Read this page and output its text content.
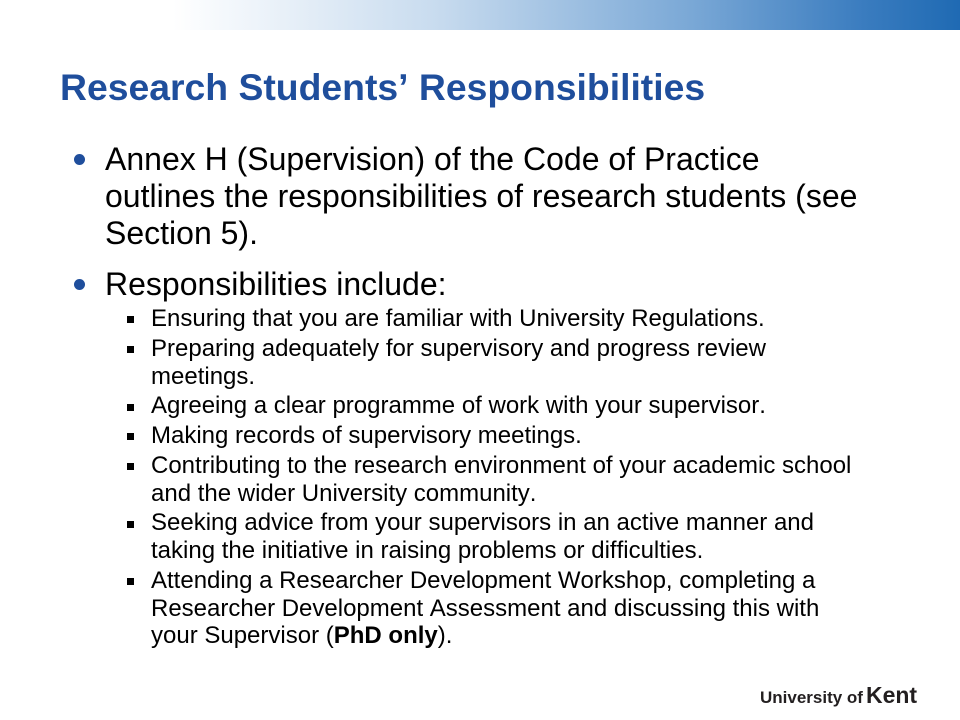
Research Students’ Responsibilities
Annex H (Supervision) of the Code of Practice outlines the responsibilities of research students (see Section 5).
Responsibilities include:
Ensuring that you are familiar with University Regulations.
Preparing adequately for supervisory and progress review meetings.
Agreeing a clear programme of work with your supervisor.
Making records of supervisory meetings.
Contributing to the research environment of your academic school and the wider University community.
Seeking advice from your supervisors in an active manner and taking the initiative in raising problems or difficulties.
Attending a Researcher Development Workshop, completing a Researcher Development Assessment and discussing this with your Supervisor (PhD only).
University of Kent
